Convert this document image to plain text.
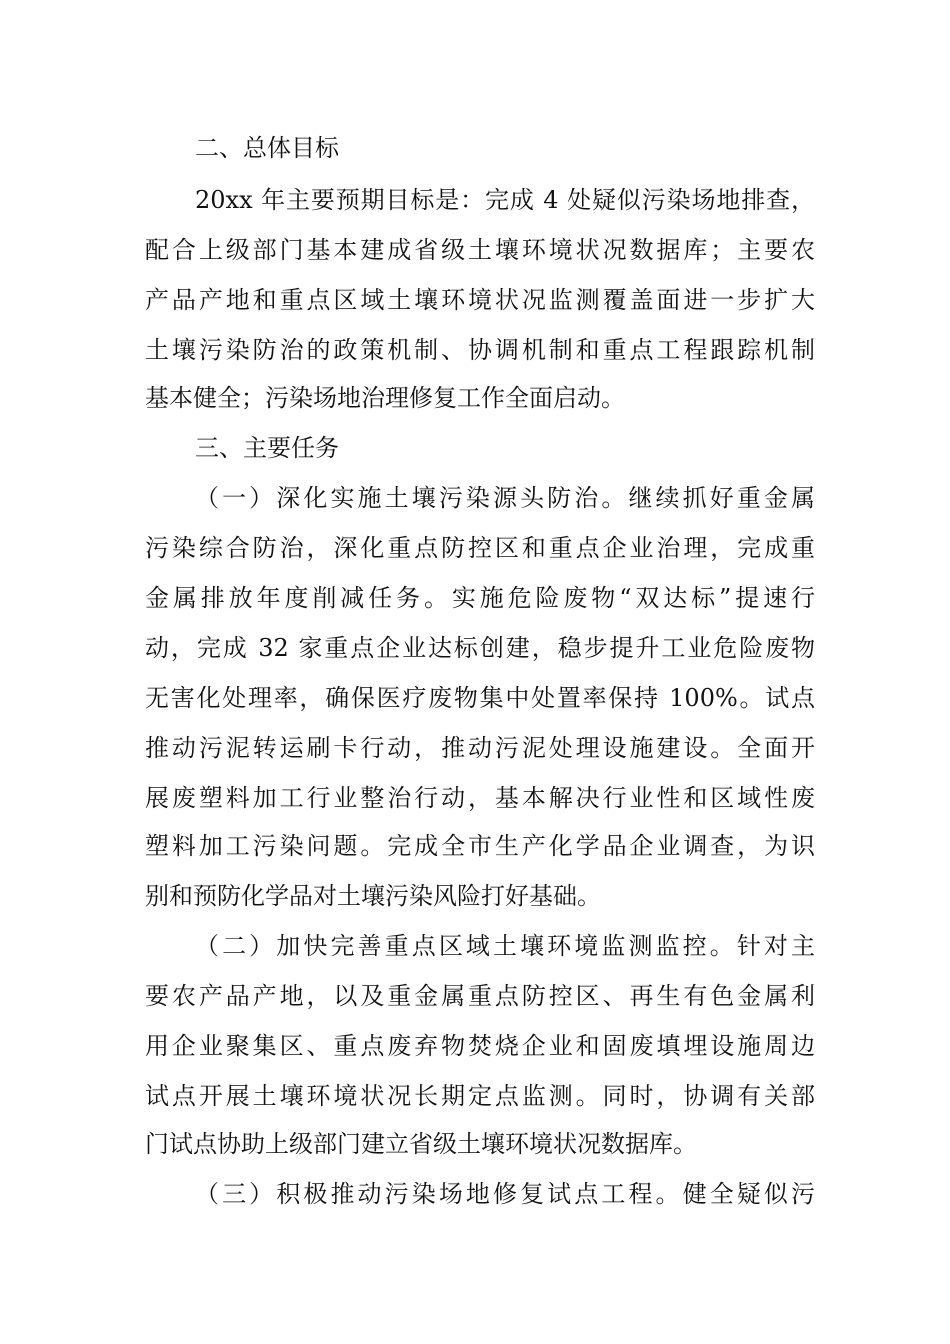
二、总体目标
20xx 年主要预期目标是：完成 4 处疑似污染场地排查，
配合上级部门基本建成省级土壤环境状况数据库；主要农
产品产地和重点区域土壤环境状况监测覆盖面进一步扩大
土壤污染防治的政策机制、协调机制和重点工程跟踪机制
基本健全；污染场地治理修复工作全面启动。
三、主要任务
（一）深化实施土壤污染源头防治。继续抓好重金属
污染综合防治，深化重点防控区和重点企业治理，完成重
金属排放年度削减任务。实施危险废物“双达标”提速行
动，完成 32 家重点企业达标创建，稳步提升工业危险废物
无害化处理率，确保医疗废物集中处置率保持 100%。试点
推动污泥转运刷卡行动，推动污泥处理设施建设。全面开
展废塑料加工行业整治行动，基本解决行业性和区域性废
塑料加工污染问题。完成全市生产化学品企业调查，为识
别和预防化学品对土壤污染风险打好基础。
（二）加快完善重点区域土壤环境监测监控。针对主
要农产品产地，以及重金属重点防控区、再生有色金属利
用企业聚集区、重点废弃物焚烧企业和固废填埋设施周边
试点开展土壤环境状况长期定点监测。同时，协调有关部
门试点协助上级部门建立省级土壤环境状况数据库。
（三）积极推动污染场地修复试点工程。健全疑似污
